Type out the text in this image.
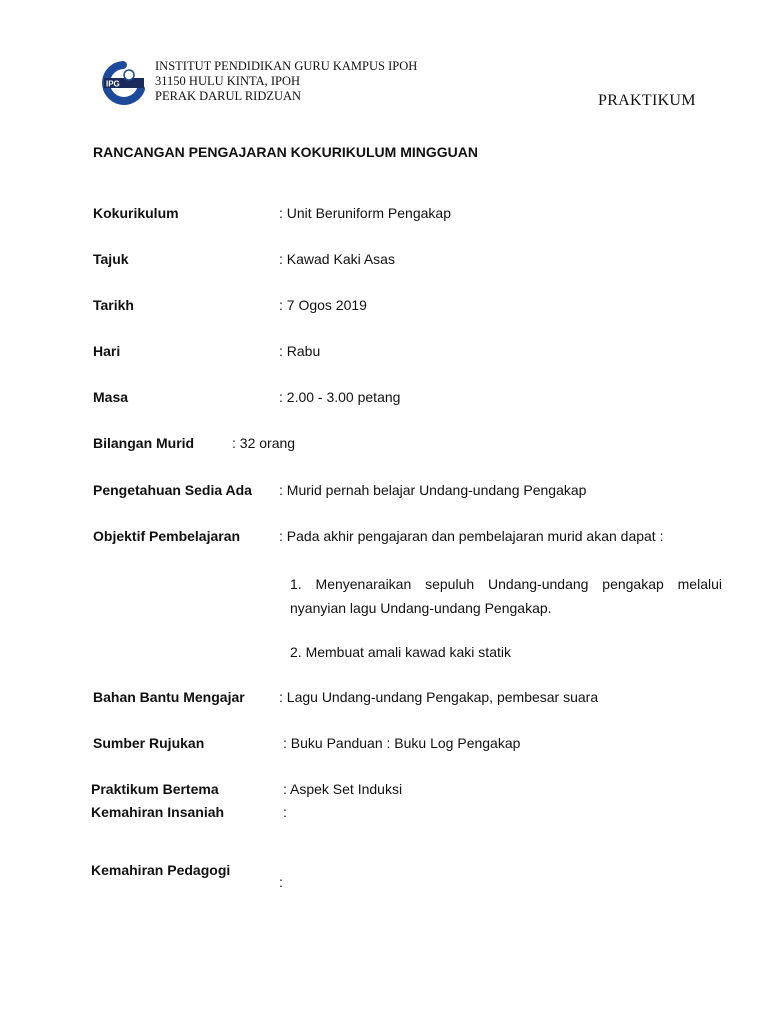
IPG
INSTITUT PENDIDIKAN GURU KAMPUS IPOH
31150 HULU KINTA, IPOH
PERAK DARUL RIDZUAN	PRAKTIKUM
RANCANGAN PENGAJARAN KOKURIKULUM MINGGUAN
Kokurikulum	: Unit Beruniform Pengakap
Tajuk	: Kawad Kaki Asas
Tarikh	: 7 Ogos 2019
Hari	: Rabu
Masa	: 2.00 - 3.00 petang
Bilangan Murid	: 32 orang
Pengetahuan Sedia Ada : Murid pernah belajar Undang-undang Pengakap
Objektif Pembelajaran	: Pada akhir pengajaran dan pembelajaran murid akan dapat :
1. Menyenaraikan sepuluh Undang-undang pengakap melalui nyanyian lagu Undang-undang Pengakap.
2. Membuat amali kawad kaki statik
Bahan Bantu Mengajar : Lagu Undang-undang Pengakap, pembesar suara
Sumber Rujukan	: Buku Panduan : Buku Log Pengakap
Praktikum Bertema	: Aspek Set Induksi
Kemahiran Insaniah	:
Kemahiran Pedagogi
:
